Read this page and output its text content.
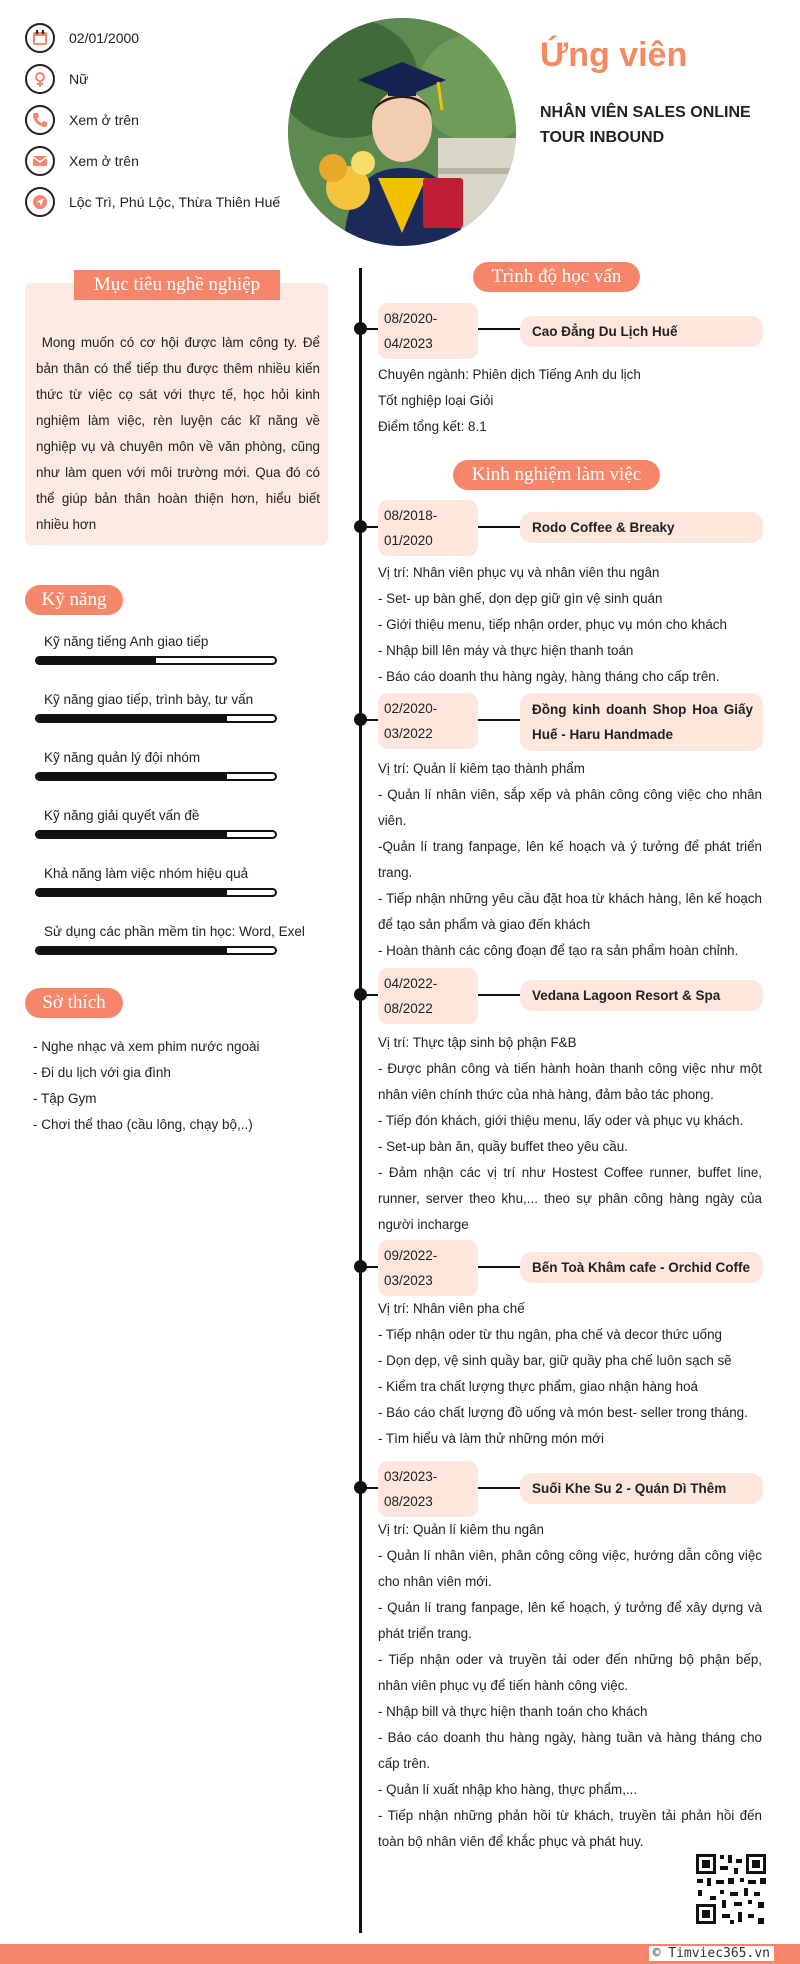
02/01/2000
Nữ
Xem ở trên
Xem ở trên
Lộc Trì, Phú Lộc, Thừa Thiên Huế
Ứng viên
NHÂN VIÊN SALES ONLINE TOUR INBOUND
Mục tiêu nghề nghiệp
Mong muốn có cơ hội được làm công ty. Để bản thân có thể tiếp thu được thêm nhiều kiến thức từ việc cọ sát với thực tế, học hỏi kinh nghiệm làm việc, rèn luyện các kĩ năng về nghiệp vụ và chuyên môn về văn phòng, cũng như làm quen với môi trường mới. Qua đó có thể giúp bản thân hoàn thiện hơn, hiểu biết nhiều hơn
Kỹ năng
Kỹ năng tiếng Anh giao tiếp
Kỹ năng giao tiếp, trình bày, tư vấn
Kỹ năng quản lý đội nhóm
Kỹ năng giải quyết vấn đề
Khả năng làm việc nhóm hiệu quả
Sử dụng các phần mềm tin học: Word, Exel
Sở thích
- Nghe nhạc và xem phim nước ngoài
- Đi du lịch với gia đình
- Tập Gym
- Chơi thể thao (cầu lông, chạy bộ,..)
Trình độ học vấn
08/2020-
04/2023
Cao Đẳng Du Lịch Huế
Chuyên ngành: Phiên dịch Tiếng Anh du lịch
Tốt nghiệp loại Giỏi
Điểm tổng kết: 8.1
Kinh nghiệm làm việc
08/2018-
01/2020
Rodo Coffee & Breaky
Vị trí: Nhân viên phục vụ và nhân viên thu ngân
- Set- up bàn ghế, dọn dẹp giữ gìn vệ sinh quán
- Giới thiệu menu, tiếp nhận order, phục vụ món cho khách
- Nhập bill lên máy và thực hiện thanh toán
- Báo cáo doanh thu hàng ngày, hàng tháng cho cấp trên.
02/2020-
03/2022
Đồng kinh doanh Shop Hoa Giấy Huế - Haru Handmade
Vị trí: Quản lí kiêm tạo thành phẩm
- Quản lí nhân viên, sắp xếp và phân công công việc cho nhân viên.
-Quản lí trang fanpage, lên kế hoạch và ý tưởng để phát triển trang.
- Tiếp nhận những yêu cầu đặt hoa từ khách hàng, lên kế hoạch để tạo sản phẩm và giao đến khách
- Hoàn thành các công đoạn để tạo ra sản phẩm hoàn chỉnh.
04/2022-
08/2022
Vedana Lagoon Resort & Spa
Vị trí: Thực tập sinh bộ phận F&B
- Được phân công và tiến hành hoàn thanh công việc như một nhân viên chính thức của nhà hàng, đảm bảo tác phong.
- Tiếp đón khách, giới thiệu menu, lấy oder và phục vụ khách.
- Set-up bàn ăn, quầy buffet theo yêu cầu.
- Đảm nhận các vị trí như Hostest Coffee runner, buffet line, runner, server theo khu,... theo sự phân công hàng ngày của người incharge
09/2022-
03/2023
Bến Toà Khâm cafe - Orchid Coffe
Vị trí: Nhân viên pha chế
- Tiếp nhận oder từ thu ngân, pha chế và decor thức uống
- Dọn dẹp, vệ sinh quầy bar, giữ quầy pha chế luôn sạch sẽ
- Kiểm tra chất lượng thực phẩm, giao nhận hàng hoá
- Báo cáo chất lượng đồ uống và món best- seller trong tháng.
- Tìm hiểu và làm thử những món mới
03/2023-
08/2023
Suối Khe Su 2 - Quán Dì Thêm
Vị trí: Quản lí kiêm thu ngân
- Quản lí nhân viên, phân công công việc, hướng dẫn công việc cho nhân viên mới.
- Quản lí trang fanpage, lên kế hoạch, ý tưởng để xây dựng và phát triển trang.
- Tiếp nhận oder và truyền tải oder đến những bộ phận bếp, nhân viên phục vụ để tiến hành công việc.
- Nhập bill và thực hiện thanh toán cho khách
- Báo cáo doanh thu hàng ngày, hàng tuần và hàng tháng cho cấp trên.
- Quản lí xuất nhập kho hàng, thực phẩm,...
- Tiếp nhận những phản hồi từ khách, truyền tải phản hồi đến toàn bộ nhân viên để khắc phục và phát huy.
© Timviec365.vn
